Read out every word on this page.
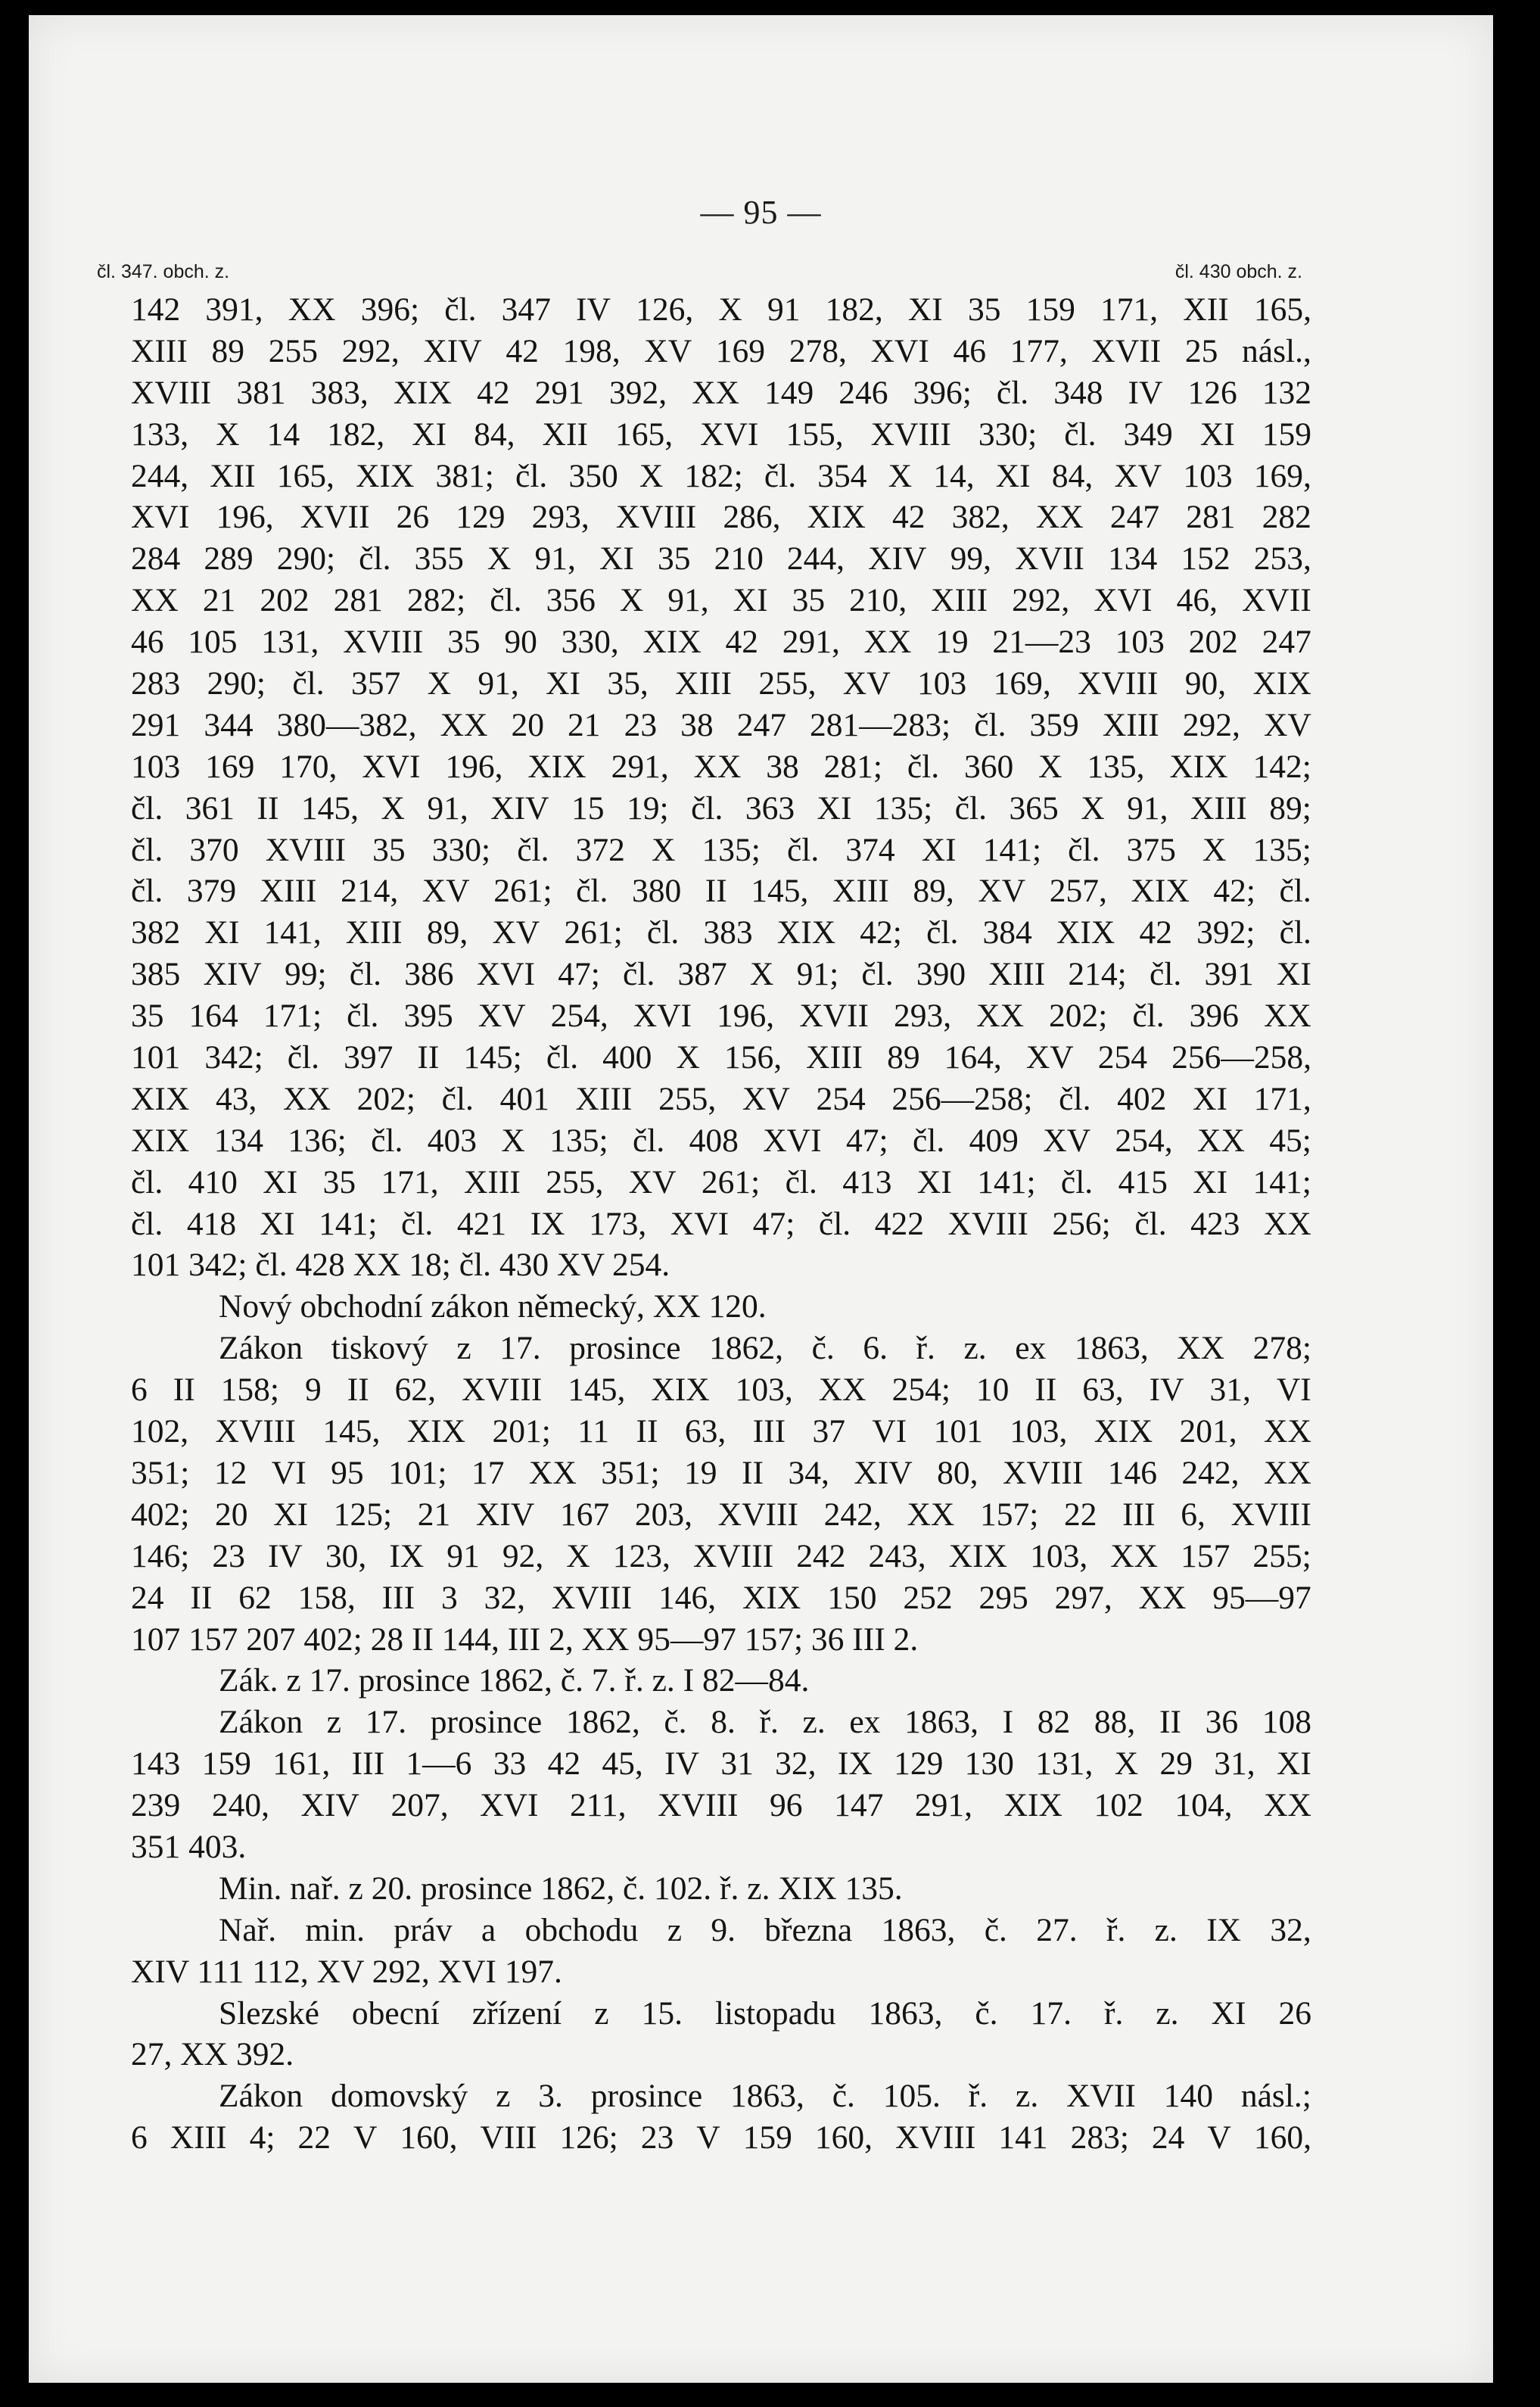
— 95 —
čl. 347. obch. z.	čl. 430 obch. z.
142 391, XX 396; čl. 347 IV 126, X 91 182, XI 35 159 171, XII 165,
XIII 89 255 292, XIV 42 198, XV 169 278, XVI 46 177, XVII 25 násl.,
XVIII 381 383, XIX 42 291 392, XX 149 246 396; čl. 348 IV 126 132
133, X 14 182, XI 84, XII 165, XVI 155, XVIII 330; čl. 349 XI 159
244, XII 165, XIX 381; čl. 350 X 182; čl. 354 X 14, XI 84, XV 103 169,
XVI 196, XVII 26 129 293, XVIII 286, XIX 42 382, XX 247 281 282
284 289 290; čl. 355 X 91, XI 35 210 244, XIV 99, XVII 134 152 253,
XX 21 202 281 282; čl. 356 X 91, XI 35 210, XIII 292, XVI 46, XVII
46 105 131, XVIII 35 90 330, XIX 42 291, XX 19 21—23 103 202 247
283 290; čl. 357 X 91, XI 35, XIII 255, XV 103 169, XVIII 90, XIX
291 344 380—382, XX 20 21 23 38 247 281—283; čl. 359 XIII 292, XV
103 169 170, XVI 196, XIX 291, XX 38 281; čl. 360 X 135, XIX 142;
čl. 361 II 145, X 91, XIV 15 19; čl. 363 XI 135; čl. 365 X 91, XIII 89;
čl. 370 XVIII 35 330; čl. 372 X 135; čl. 374 XI 141; čl. 375 X 135;
čl. 379 XIII 214, XV 261; čl. 380 II 145, XIII 89, XV 257, XIX 42; čl.
382 XI 141, XIII 89, XV 261; čl. 383 XIX 42; čl. 384 XIX 42 392; čl.
385 XIV 99; čl. 386 XVI 47; čl. 387 X 91; čl. 390 XIII 214; čl. 391 XI
35 164 171; čl. 395 XV 254, XVI 196, XVII 293, XX 202; čl. 396 XX
101 342; čl. 397 II 145; čl. 400 X 156, XIII 89 164, XV 254 256—258,
XIX 43, XX 202; čl. 401 XIII 255, XV 254 256—258; čl. 402 XI 171,
XIX 134 136; čl. 403 X 135; čl. 408 XVI 47; čl. 409 XV 254, XX 45;
čl. 410 XI 35 171, XIII 255, XV 261; čl. 413 XI 141; čl. 415 XI 141;
čl. 418 XI 141; čl. 421 IX 173, XVI 47; čl. 422 XVIII 256; čl. 423 XX
101 342; čl. 428 XX 18; čl. 430 XV 254.
Nový obchodní zákon německý, XX 120.
Zákon tiskový z 17. prosince 1862, č. 6. ř. z. ex 1863, XX 278;
6 II 158; 9 II 62, XVIII 145, XIX 103, XX 254; 10 II 63, IV 31, VI
102, XVIII 145, XIX 201; 11 II 63, III 37 VI 101 103, XIX 201, XX
351; 12 VI 95 101; 17 XX 351; 19 II 34, XIV 80, XVIII 146 242, XX
402; 20 XI 125; 21 XIV 167 203, XVIII 242, XX 157; 22 III 6, XVIII
146; 23 IV 30, IX 91 92, X 123, XVIII 242 243, XIX 103, XX 157 255;
24 II 62 158, III 3 32, XVIII 146, XIX 150 252 295 297, XX 95—97
107 157 207 402; 28 II 144, III 2, XX 95—97 157; 36 III 2.
Zák. z 17. prosince 1862, č. 7. ř. z. I 82—84.
Zákon z 17. prosince 1862, č. 8. ř. z. ex 1863, I 82 88, II 36 108
143 159 161, III 1—6 33 42 45, IV 31 32, IX 129 130 131, X 29 31, XI
239 240, XIV 207, XVI 211, XVIII 96 147 291, XIX 102 104, XX
351 403.
Min. nař. z 20. prosince 1862, č. 102. ř. z. XIX 135.
Nař. min. práv a obchodu z 9. března 1863, č. 27. ř. z. IX 32,
XIV 111 112, XV 292, XVI 197.
Slezské obecní zřízení z 15. listopadu 1863, č. 17. ř. z. XI 26
27, XX 392.
Zákon domovský z 3. prosince 1863, č. 105. ř. z. XVII 140 násl.;
6 XIII 4; 22 V 160, VIII 126; 23 V 159 160, XVIII 141 283; 24 V 160,
